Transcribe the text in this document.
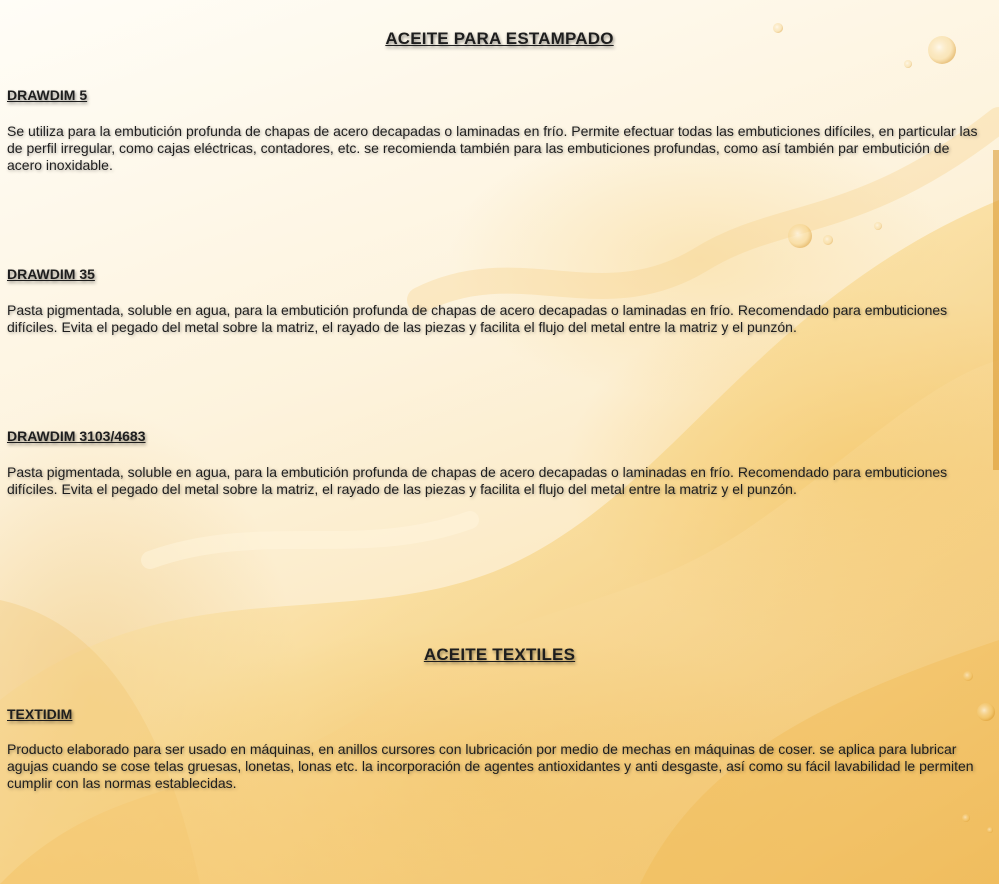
ACEITE PARA ESTAMPADO
DRAWDIM 5

Se utiliza para la embutición profunda de chapas de acero decapadas o laminadas en frío. Permite efectuar todas las embuticiones difíciles, en particular las de perfil irregular, como cajas eléctricas, contadores, etc. se recomienda también para las embuticiones profundas, como así también par embutición de acero inoxidable.

DRAWDIM 35

Pasta pigmentada, soluble en agua, para la embutición profunda de chapas de acero decapadas o laminadas en frío. Recomendado para embuticiones difíciles. Evita el pegado del metal sobre la matriz, el rayado de las piezas y facilita el flujo del metal entre la matriz y el punzón.

DRAWDIM 3103/4683

Pasta pigmentada, soluble en agua, para la embutición profunda de chapas de acero decapadas o laminadas en frío. Recomendado para embuticiones difíciles. Evita el pegado del metal sobre la matriz, el rayado de las piezas y facilita el flujo del metal entre la matriz y el punzón.

ACEITE TEXTILES
TEXTIDIM

Producto elaborado para ser usado en máquinas, en anillos cursores con lubricación por medio de mechas en máquinas de coser. se aplica para lubricar agujas cuando se cose telas gruesas, lonetas, lonas etc. la incorporación de agentes antioxidantes y anti desgaste, así como su fácil lavabilidad le permiten cumplir con las normas establecidas.
